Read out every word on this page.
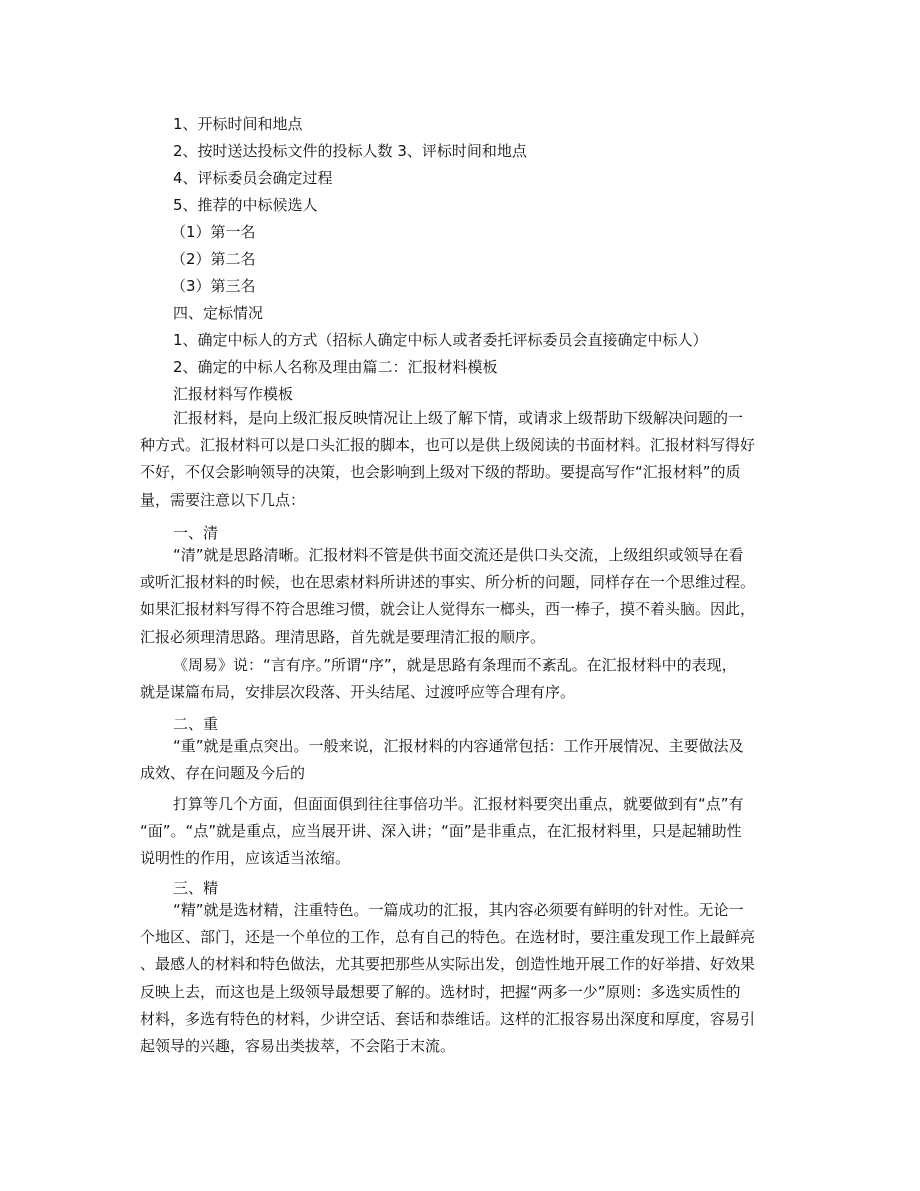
1、开标时间和地点
2、按时送达投标文件的投标人数 3、评标时间和地点
4、评标委员会确定过程
5、推荐的中标候选人
（1）第一名
（2）第二名
（3）第三名
四、定标情况
1、确定中标人的方式（招标人确定中标人或者委托评标委员会直接确定中标人）
2、确定的中标人名称及理由篇二：汇报材料模板
汇报材料写作模板
汇报材料，是向上级汇报反映情况让上级了解下情，或请求上级帮助下级解决问题的一
种方式。汇报材料可以是口头汇报的脚本，也可以是供上级阅读的书面材料。汇报材料写得好
不好，不仅会影响领导的决策，也会影响到上级对下级的帮助。要提高写作“汇报材料”的质
量，需要注意以下几点：
一、清
“清”就是思路清晰。汇报材料不管是供书面交流还是供口头交流，上级组织或领导在看
或听汇报材料的时候，也在思索材料所讲述的事实、所分析的问题，同样存在一个思维过程。
如果汇报材料写得不符合思维习惯，就会让人觉得东一榔头，西一棒子，摸不着头脑。因此，
汇报必须理清思路。理清思路，首先就是要理清汇报的顺序。
《周易》说：“言有序。”所谓“序”，就是思路有条理而不紊乱。在汇报材料中的表现，
就是谋篇布局，安排层次段落、开头结尾、过渡呼应等合理有序。
二、重
“重”就是重点突出。一般来说，汇报材料的内容通常包括：工作开展情况、主要做法及
成效、存在问题及今后的
打算等几个方面，但面面俱到往往事倍功半。汇报材料要突出重点，就要做到有“点”有
“面”。“点”就是重点，应当展开讲、深入讲；“面”是非重点，在汇报材料里，只是起辅助性
说明性的作用，应该适当浓缩。
三、精
“精”就是选材精，注重特色。一篇成功的汇报，其内容必须要有鲜明的针对性。无论一
个地区、部门，还是一个单位的工作，总有自己的特色。在选材时，要注重发现工作上最鲜亮
、最感人的材料和特色做法，尤其要把那些从实际出发，创造性地开展工作的好举措、好效果
反映上去，而这也是上级领导最想要了解的。选材时，把握“两多一少”原则：多选实质性的
材料，多选有特色的材料，少讲空话、套话和恭维话。这样的汇报容易出深度和厚度，容易引
起领导的兴趣，容易出类拔萃，不会陷于末流。
